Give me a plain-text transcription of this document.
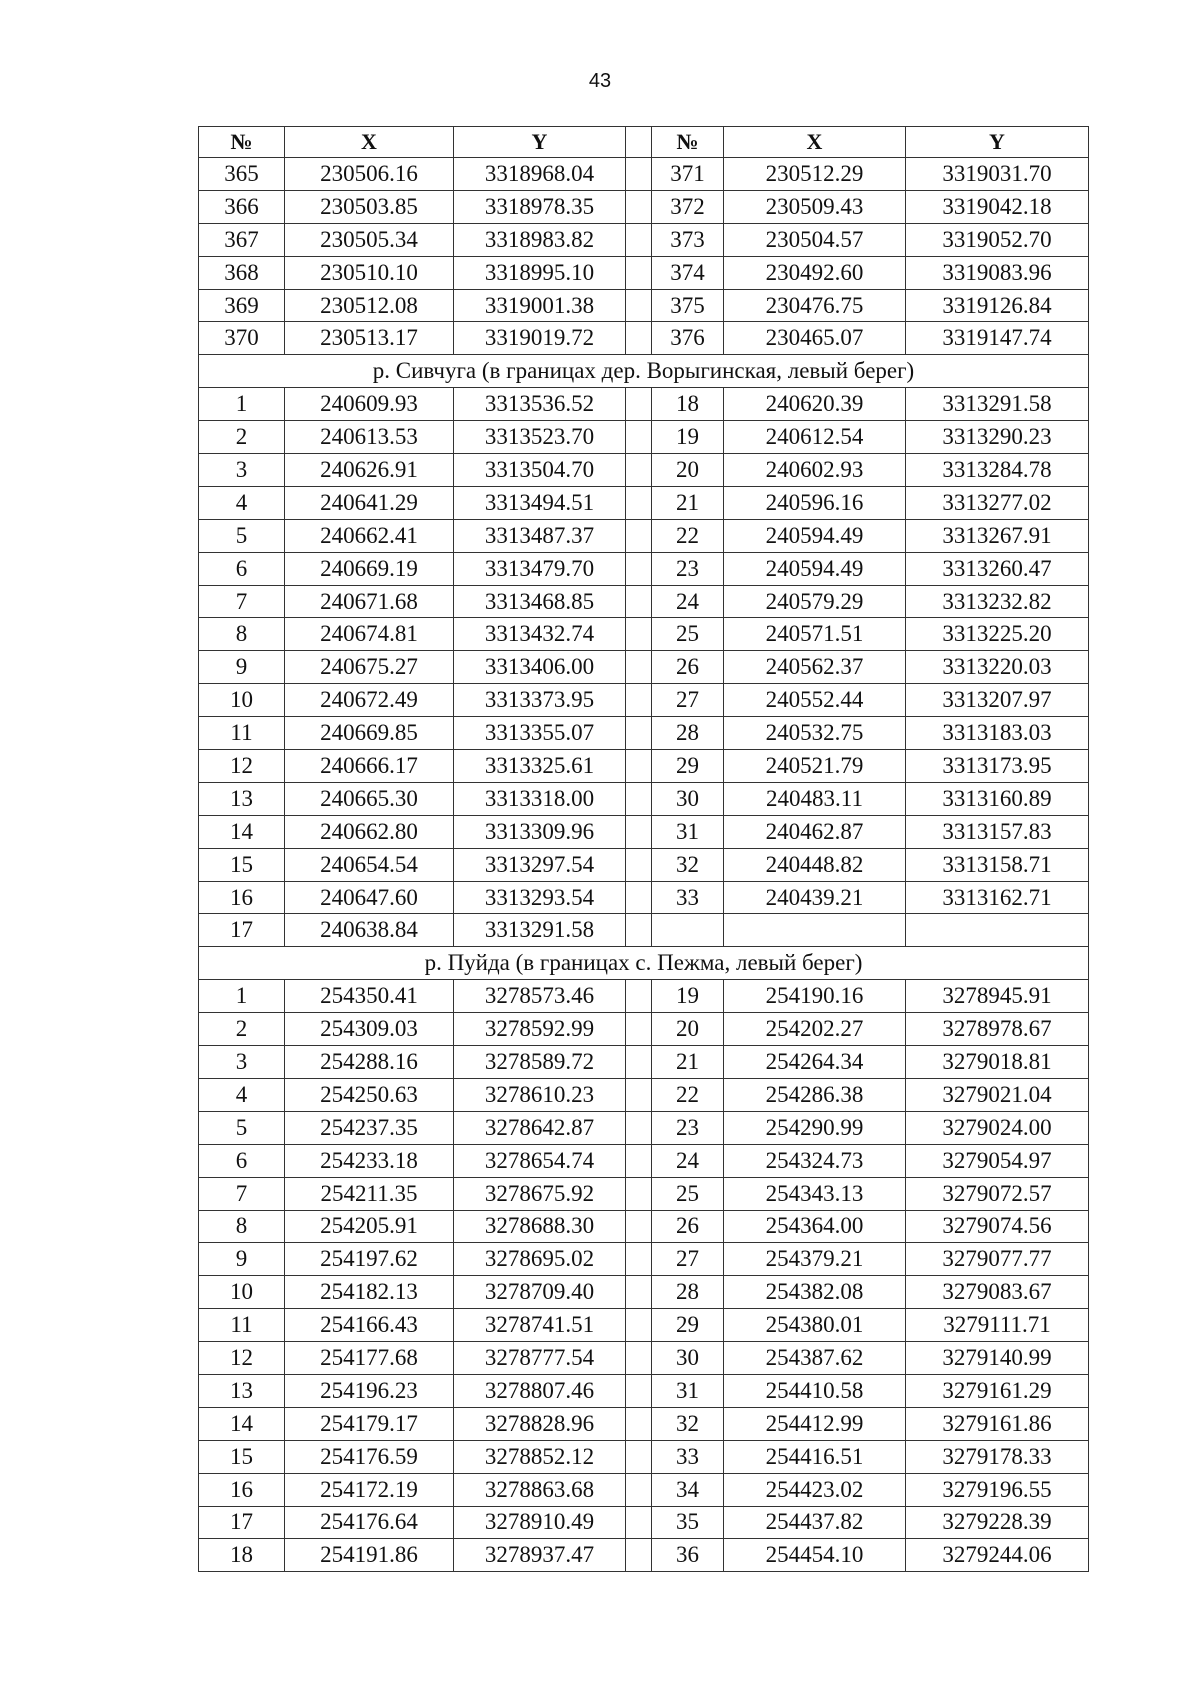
43
№	X	Y		№	X	Y
365	230506.16	3318968.04		371	230512.29	3319031.70
366	230503.85	3318978.35		372	230509.43	3319042.18
367	230505.34	3318983.82		373	230504.57	3319052.70
368	230510.10	3318995.10		374	230492.60	3319083.96
369	230512.08	3319001.38		375	230476.75	3319126.84
370	230513.17	3319019.72		376	230465.07	3319147.74
р. Сивчуга (в границах дер. Ворыгинская, левый берег)						
1	240609.93	3313536.52		18	240620.39	3313291.58
2	240613.53	3313523.70		19	240612.54	3313290.23
3	240626.91	3313504.70		20	240602.93	3313284.78
4	240641.29	3313494.51		21	240596.16	3313277.02
5	240662.41	3313487.37		22	240594.49	3313267.91
6	240669.19	3313479.70		23	240594.49	3313260.47
7	240671.68	3313468.85		24	240579.29	3313232.82
8	240674.81	3313432.74		25	240571.51	3313225.20
9	240675.27	3313406.00		26	240562.37	3313220.03
10	240672.49	3313373.95		27	240552.44	3313207.97
11	240669.85	3313355.07		28	240532.75	3313183.03
12	240666.17	3313325.61		29	240521.79	3313173.95
13	240665.30	3313318.00		30	240483.11	3313160.89
14	240662.80	3313309.96		31	240462.87	3313157.83
15	240654.54	3313297.54		32	240448.82	3313158.71
16	240647.60	3313293.54		33	240439.21	3313162.71
17	240638.84	3313291.58				
р. Пуйда (в границах с. Пежма, левый берег)						
1	254350.41	3278573.46		19	254190.16	3278945.91
2	254309.03	3278592.99		20	254202.27	3278978.67
3	254288.16	3278589.72		21	254264.34	3279018.81
4	254250.63	3278610.23		22	254286.38	3279021.04
5	254237.35	3278642.87		23	254290.99	3279024.00
6	254233.18	3278654.74		24	254324.73	3279054.97
7	254211.35	3278675.92		25	254343.13	3279072.57
8	254205.91	3278688.30		26	254364.00	3279074.56
9	254197.62	3278695.02		27	254379.21	3279077.77
10	254182.13	3278709.40		28	254382.08	3279083.67
11	254166.43	3278741.51		29	254380.01	3279111.71
12	254177.68	3278777.54		30	254387.62	3279140.99
13	254196.23	3278807.46		31	254410.58	3279161.29
14	254179.17	3278828.96		32	254412.99	3279161.86
15	254176.59	3278852.12		33	254416.51	3279178.33
16	254172.19	3278863.68		34	254423.02	3279196.55
17	254176.64	3278910.49		35	254437.82	3279228.39
18	254191.86	3278937.47		36	254454.10	3279244.06
